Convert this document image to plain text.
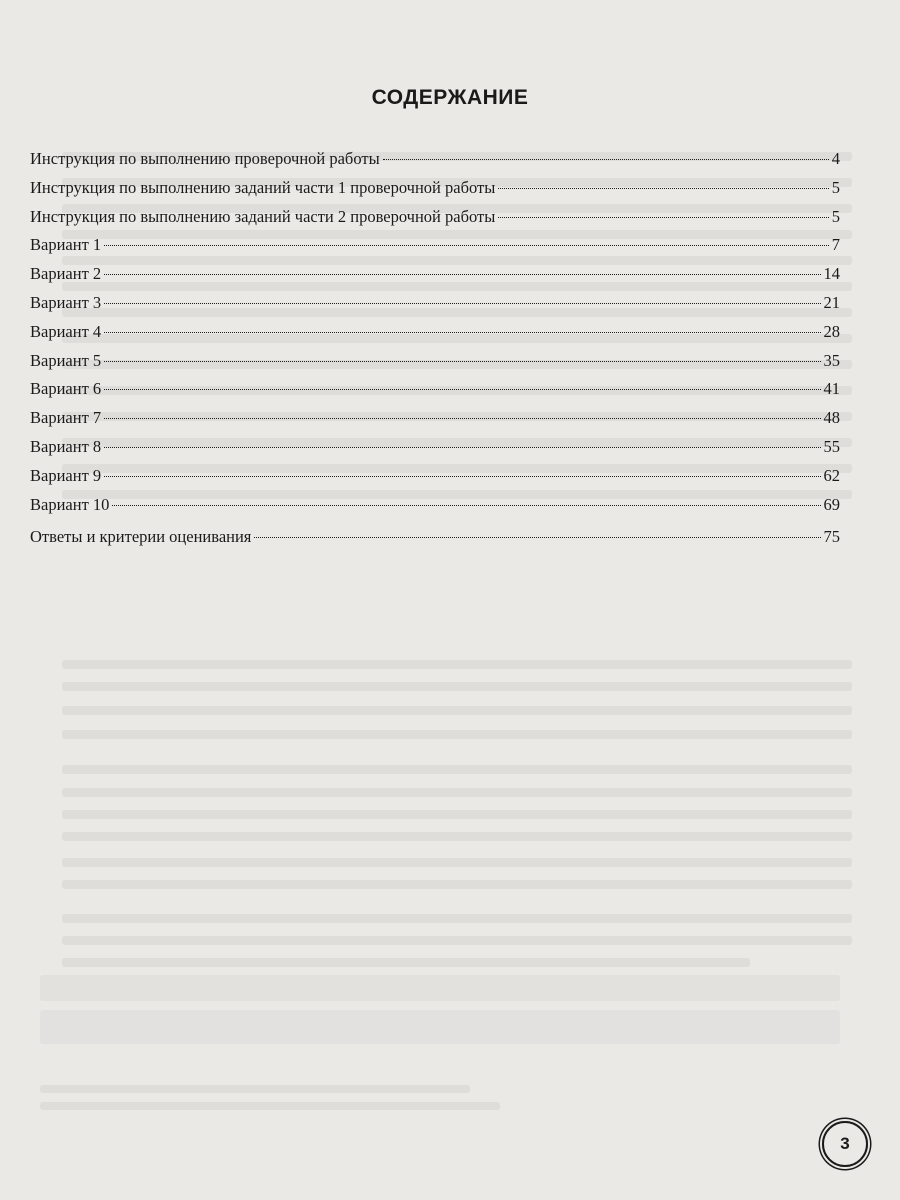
СОДЕРЖАНИЕ
Инструкция по выполнению проверочной работы	4
Инструкция по выполнению заданий части 1 проверочной работы	5
Инструкция по выполнению заданий части 2 проверочной работы	5
Вариант 1	7
Вариант 2	14
Вариант 3	21
Вариант 4	28
Вариант 5	35
Вариант 6	41
Вариант 7	48
Вариант 8	55
Вариант 9	62
Вариант 10	69
Ответы и критерии оценивания	75
3
